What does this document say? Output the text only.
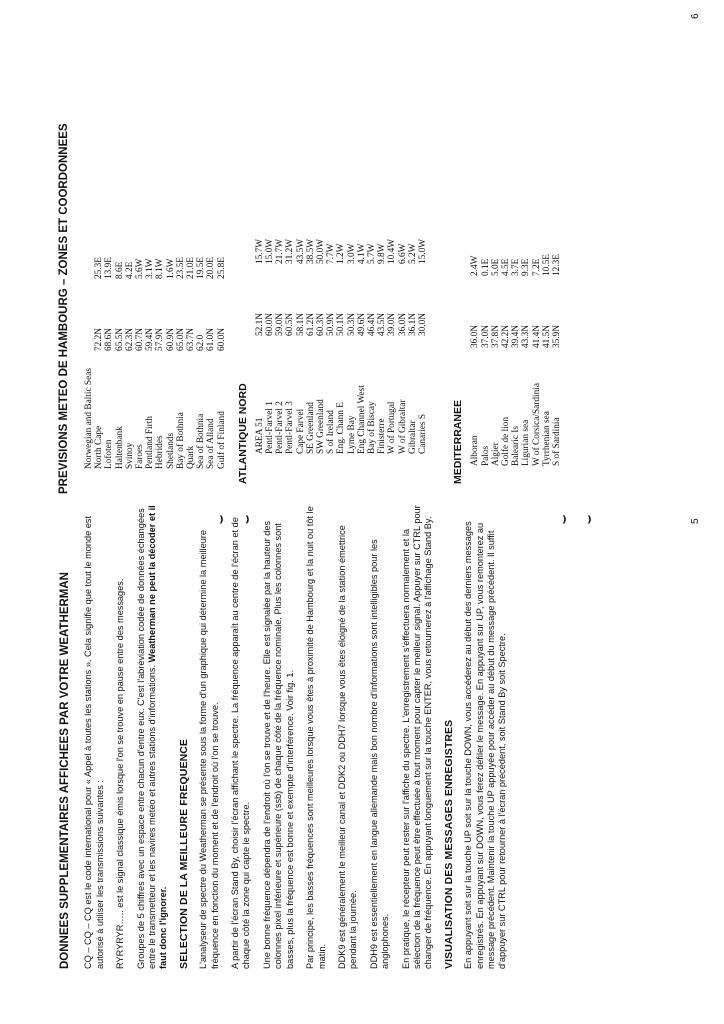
DONNEES SUPPLEMENTAIRES AFFICHEES PAR VOTRE WEATHERMAN CQ – CQ – CQ est le code international pour « Appel à toutes les stations ». Cela signifie que tout le monde est autorisé à utiliser les transmissions suivantes : RYRYRYR….. est le signal classique émis lorsque l'on se trouve en pause entre des messages. Groupes de 5 chiffres avec un espace entre chacun d'entre eux. C'est l'abréviation codée de données échangées entre le transmetteur et les navires météo et autres stations d'informations. Weatherman ne peut la décoder et il faut donc l'ignorer. SELECTION DE LA MEILLEURE FREQUENCE L'analyseur de spectre du Weatherman se présente sous la forme d'un graphique qui détermine la meilleure fréquence en fonction du moment et de l'endroit où l'on se trouve. A partir de l'écran Stand By, choisir l'écran affichant le spectre. La fréquence apparaît au centre de l'écran et de chaque côté la zone qui capte le spectre. Une bonne fréquence dépendra de l'endroit où l'on se trouve et de l'heure. Elle est signalée par la hauteur des colonnes pixel inférieure et supérieure (ssb) de chaque côté de la fréquence nominale. Plus les colonnes sont basses, plus la fréquence est bonne et exempte d'interférence. Voir fig. 1. Par principe, les basses fréquences sont meilleures lorsque vous êtes à proximité de Hambourg et la nuit ou tôt le matin. DDK9 est généralement le meilleur canal et DDK2 ou DDH7 lorsque vous êtes éloigné de la station émettrice pendant la journée. DDH9 est essentiellement en langue allemande mais bon nombre d'informations sont intelligibles pour les anglophones. En pratique, le récepteur peut rester sur l'affiche du spectre. L'enregistrement s'effectuera normalement et la sélection de la fréquence peut être effectuée à tout moment pour capter le meilleur signal. Appuyer sur CTRL pour changer de fréquence. En appuyant longuement sur la touche ENTER, vous retournerez à l'affichage Stand By. VISUALISATION DES MESSAGES ENREGISTRES En appuyant soit sur la touche UP soit sur la touche DOWN, vous accéderez au début des derniers messages enregistrés. En appuyant sur DOWN, vous ferez défiler le message. En appuyant sur UP, vous remonterez au message précédent. Maintenir la touche UP appuyée pour accéder au début du message précédent. Il suffit d'appuyer sur CTRL pour retourner à l'écran précédent, soit Stand By soit Spectre.

⌣ ⌣	⌣ ⌣
PREVISIONS METEO DE HAMBOURG – ZONES ET COORDONNEES Norwegian and Baltic Seas		
North Cape	72.2N	25.3E
Lofoten	68.6N	13.9E
Haltenbank	65.5N	8.6E
Svinoy	62.3N	4.2E
Faroes	60.7N	5.6W
Pentland Firth	59.4N	3.1W
Hebrides	57.9N	8.1W
Shetlands	60.9N	1.6W
Bay of Bothnia	65.0N	23.5E
Quark	63.7N	21.0E
Sea of Bothnia	62.0	19.5E
Sea of Alland	61.0N	20.0E
Gulf of Finland	60.0N	25.8E
ATLANTIQUE NORD AREA 51	52.1N	15.7W
Pentl-Farvel 1	60.0N	15.0W
Pentl-Farvel 2	59.0N	21.7W
Pentl-Farvel 3	60.5N	31.2W
Cape Farvel	58.1N	43.5W
SE Greenland	61.2N	38.5W
SW Greenland	60.3N	50.0W
S of Ireland	50.9N	7.7W
Eng. Chann E	50.1N	1.2W
Lyme Bay	50.3N	3.0W
Eng Channel West	49.6N	4.1W
Bay of Biscay	46.4N	5.7W
Finisterre	43.5N	9.8W
W of Portugal	39.0N	10.4W
W of Gibraltar	36.0N	6.6W
Gibraltar	36.1N	5.2W
Canaries S	30.0N	15.0W
MEDITERRANEE Alboran	36.0N	2.4W
Palos	37.0N	0.1E
Algier	37.8N	5.0E
Golfe de lion	42.2N	4.5E
Balearic Is	39.4N	3.7E
Ligurian sea	43.3N	9.3E
W of Corsica/Sardinia	41.4N	7.2E
Tyrrhenian sea	41.5N	10.5E
S of Sardinia	35.9N	12.3E
5
6
